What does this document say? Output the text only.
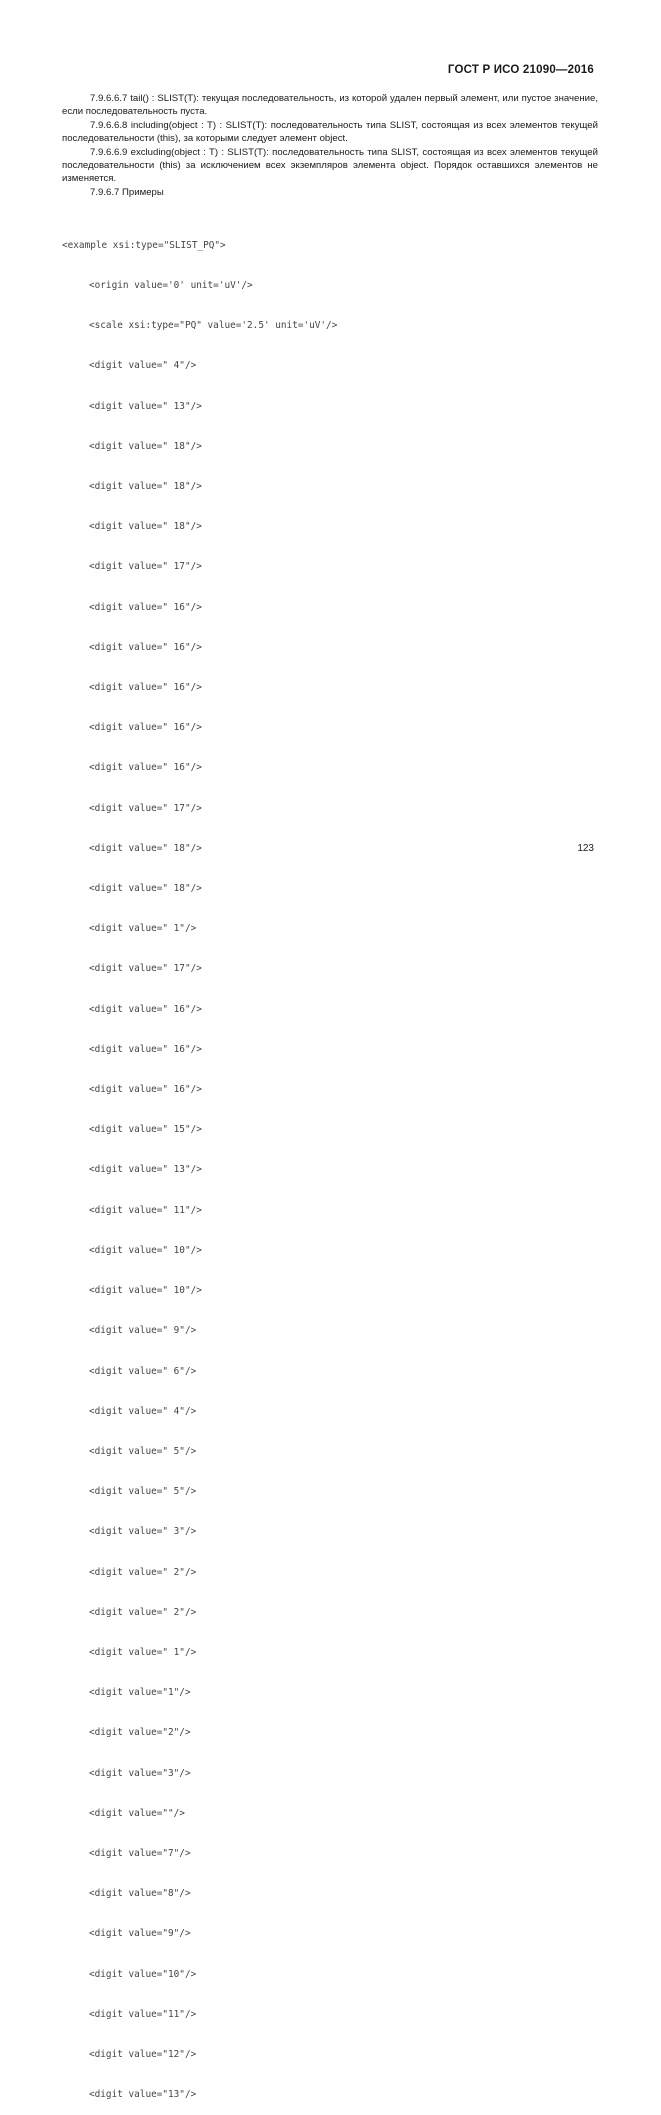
ГОСТ Р ИСО 21090—2016

7.9.6.6.7 tail() : SLIST(T): текущая последовательность, из которой удален первый элемент, или пустое значение, если последовательность пуста.

7.9.6.6.8 including(object : T) : SLIST(T): последовательность типа SLIST, состоящая из всех элементов текущей последовательности (this), за которыми следует элемент object.

7.9.6.6.9 excluding(object : T) : SLIST(T): последовательность типа SLIST, состоящая из всех элементов текущей последовательности (this) за исключением всех экземпляров элемента object. Порядок оставшихся элементов не изменяется.

7.9.6.7 Примеры

<example xsi:type="SLIST_PQ">

<origin value='0' unit='uV'/>

<scale xsi:type="PQ" value='2.5' unit='uV'/>

<digit value=" 4"/>

<digit value=" 13"/>

<digit value=" 18"/>

<digit value=" 18"/>

<digit value=" 18"/>

<digit value=" 17"/>

<digit value=" 16"/>

<digit value=" 16"/>

<digit value=" 16"/>

<digit value=" 16"/>

<digit value=" 16"/>

<digit value=" 17"/>

<digit value=" 18"/>

<digit value=" 18"/>

<digit value=" 1"/>

<digit value=" 17"/>

<digit value=" 16"/>

<digit value=" 16"/>

<digit value=" 16"/>

<digit value=" 15"/>

<digit value=" 13"/>

<digit value=" 11"/>

<digit value=" 10"/>

<digit value=" 10"/>

<digit value=" 9"/>

<digit value=" 6"/>

<digit value=" 4"/>

<digit value=" 5"/>

<digit value=" 5"/>

<digit value=" 3"/>

<digit value=" 2"/>

<digit value=" 2"/>

<digit value=" 1"/>

<digit value="1"/>

<digit value="2"/>

<digit value="3"/>

<digit value=""/>

<digit value="7"/>

<digit value="8"/>

<digit value="9"/>

<digit value="10"/>

<digit value="11"/>

<digit value="12"/>

<digit value="13"/>

123
